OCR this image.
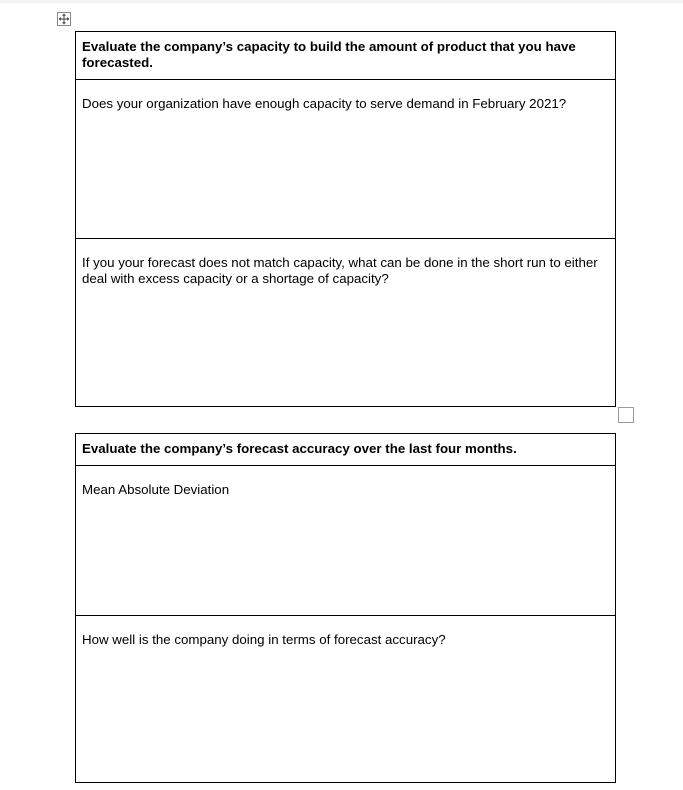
Evaluate the company’s capacity to build the amount of product that you have forecasted.
Does your organization have enough capacity to serve demand in February 2021?
If you your forecast does not match capacity, what can be done in the short run to either deal with excess capacity or a shortage of capacity?
Evaluate the company’s forecast accuracy over the last four months.
Mean Absolute Deviation
How well is the company doing in terms of forecast accuracy?
